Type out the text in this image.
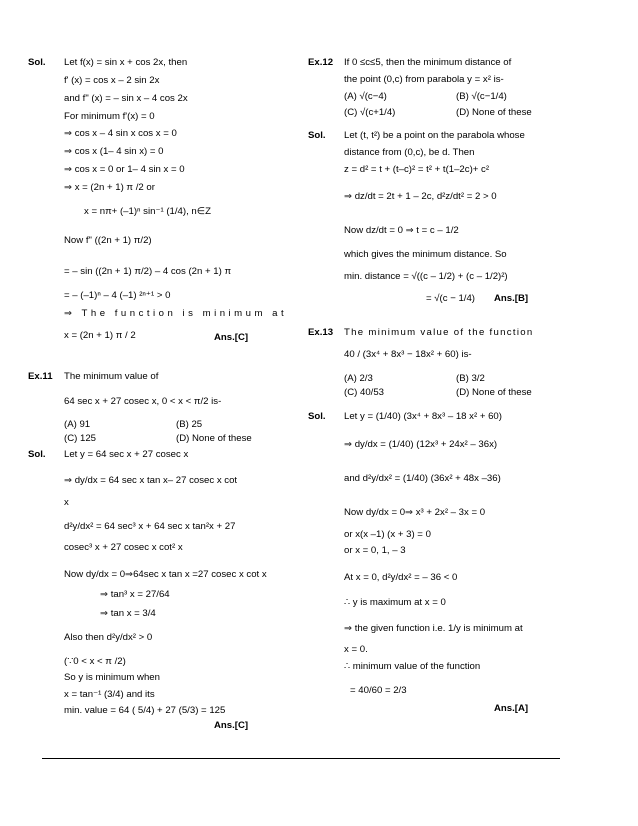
Sol. Let f(x) = sin x + cos 2x, then
f' (x) = cos x – 2 sin 2x
and f" (x) = – sin x – 4 cos 2x
For minimum f'(x) = 0
⇒ cos x – 4 sin x cos x = 0
⇒ cos x (1– 4 sin x) = 0
⇒ cos x = 0 or 1– 4 sin x = 0
⇒ x = (2n + 1) π /2 or
x = nπ+ (–1)ⁿ sin⁻¹ (1/4), n∈Z
Now f" ((2n + 1) π/2)
= – sin ((2n + 1) π/2) – 4 cos (2n + 1) π
= – (–1)ⁿ – 4 (–1) ²ⁿ⁺¹ > 0
⇒ The function is minimum at
x = (2n + 1) π / 2	Ans.[C]
Ex.11 The minimum value of
64 sec x + 27 cosec x, 0 < x < π/2 is-
(A) 91	(B) 25
(C) 125	(D) None of these
Sol. Let y = 64 sec x + 27 cosec x
⇒ dy/dx = 64 sec x tan x– 27 cosec x cot
x
d²y/dx² = 64 sec³ x + 64 sec x tan²x + 27
cosec³ x + 27 cosec x cot² x
Now dy/dx = 0⇒64sec x tan x =27 cosec x cot x
⇒ tan³ x = 27/64
⇒ tan x = 3/4
Also then d²y/dx² > 0
(∵0 < x < π /2)
So y is minimum when
x = tan⁻¹ (3/4) and its
min. value = 64 ( 5/4) + 27 (5/3) = 125
Ans.[C]
Ex.12 If 0 ≤c≤5, then the minimum distance of
the point (0,c) from parabola y = x² is-
(A) √(c−4)	(B) √(c−1/4)
(C) √(c+1/4)	(D) None of these
Sol. Let (t, t²) be a point on the parabola whose
distance from (0,c), be d. Then
z = d² = t + (t–c)² = t² + t(1–2c)+ c²
⇒ dz/dt = 2t + 1 – 2c, d²z/dt² = 2 > 0
Now dz/dt = 0 ⇒ t = c – 1/2
which gives the minimum distance. So
min. distance = √((c – 1/2) + (c – 1/2)²)
= √(c − 1/4) Ans.[B]
Ex.13 The minimum value of the function
40 / (3x⁴ + 8x³ − 18x² + 60) is-
(A) 2/3	(B) 3/2
(C) 40/53	(D) None of these
Sol. Let y = (1/40) (3x⁴ + 8x³ – 18 x² + 60)
⇒ dy/dx = (1/40) (12x³ + 24x² – 36x)
and d²y/dx² = (1/40) (36x² + 48x –36)
Now dy/dx = 0⇒ x³ + 2x² – 3x = 0
or x(x –1) (x + 3) = 0
or x = 0, 1, – 3
At x = 0, d²y/dx² = – 36 < 0
∴ y is maximum at x = 0
⇒ the given function i.e. 1/y is minimum at
x = 0.
∴ minimum value of the function
= 40/60 = 2/3
Ans.[A]
